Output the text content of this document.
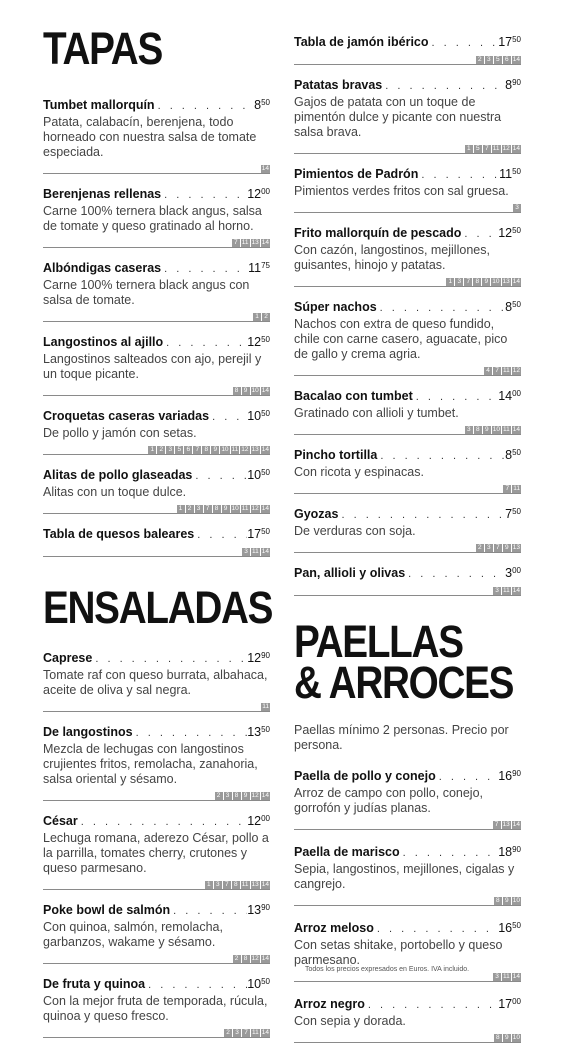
TAPAS
Tumbet mallorquín . . .	$8^{50}$
Patata, calabacín, berenjena, todo horneado con nuestra salsa de tomate especiada.
14
Berenjenas rellenas . . .	$12^{00}$
Carne 100% ternera black angus, salsa de tomate y queso gratinado al horno.
7 11 13 14
Albóndigas caseras . . .	$11^{75}$
Carne 100% ternera black angus con salsa de tomate.
1 2
Langostinos al ajillo . . .	$12^{50}$
Langostinos salteados con ajo, perejil y un toque picante.
8 9 10 14
Croquetas caseras variadas . . .	$10^{50}$
De pollo y jamón con setas.
1 2 3 5 6 7 8 9 10 11 12 13 14
Alitas de pollo glaseadas . . .	$10^{50}$
Alitas con un toque dulce.
1 2 3 7 8 9 10 11 12 14
Tabla de quesos baleares . . .	$17^{50}$
3 11 14
ENSALADAS
Caprese . . .	$12^{90}$
Tomate raf con queso burrata, albahaca, aceite de oliva y sal negra.
11
De langostinos . . .	$13^{50}$
Mezcla de lechugas con langostinos crujientes fritos, remolacha, zanahoria, salsa oriental y sésamo.
2 3 8 9 12 14
César . . .	$12^{00}$
Lechuga romana, aderezo César, pollo a la parrilla, tomates cherry, crutones y queso parmesano.
1 3 7 8 11 13 14
Poke bowl de salmón . . .	$13^{90}$
Con quinoa, salmón, remolacha, garbanzos, wakame y sésamo.
2 8 12 14
De fruta y quinoa . . .	$10^{50}$
Con la mejor fruta de temporada, rúcula, quinoa y queso fresco.
2 3 7 11 14
Tabla de jamón ibérico . . .	$17^{50}$
2 3 5 6 14
Patatas bravas . . .	$8^{90}$
Gajos de patata con un toque de pimentón dulce y picante con nuestra salsa brava.
1 5 7 11 12 14
Pimientos de Padrón . . .	$11^{50}$
Pimientos verdes fritos con sal gruesa.
3
Frito mallorquín de pescado . . .	$12^{50}$
Con cazón, langostinos, mejillones, guisantes, hinojo y patatas.
1 3 7 8 9 10 13 14
Súper nachos . . .	$8^{50}$
Nachos con extra de queso fundido, chile con carne casero, aguacate, pico de gallo y crema agria.
4 7 11 12
Bacalao con tumbet . . .	$14^{00}$
Gratinado con allioli y tumbet.
3 8 9 10 11 14
Pincho tortilla . . .	$8^{50}$
Con ricota y espinacas.
7 11
Gyozas . . .	$7^{50}$
De verduras con soja.
2 3 7 9 13
Pan, allioli y olivas . . .	$3^{00}$
3 11 14
PAELLAS
& ARROCES
Paellas mínimo 2 personas. Precio por persona.
Paella de pollo y conejo . . .	$16^{90}$
Arroz de campo con pollo, conejo, gorrofón y judías planas.
7 13 14
Paella de marisco . . .	$18^{90}$
Sepia, langostinos, mejillones, cigalas y cangrejo.
8 9 10
Arroz meloso . . .	$16^{50}$
Con setas shitake, portobello y queso parmesano.
3 11 14
Arroz negro . . .	$17^{00}$
Con sepia y dorada.
8 9 10
Todos los precios expresados en Euros. IVA incluido.
